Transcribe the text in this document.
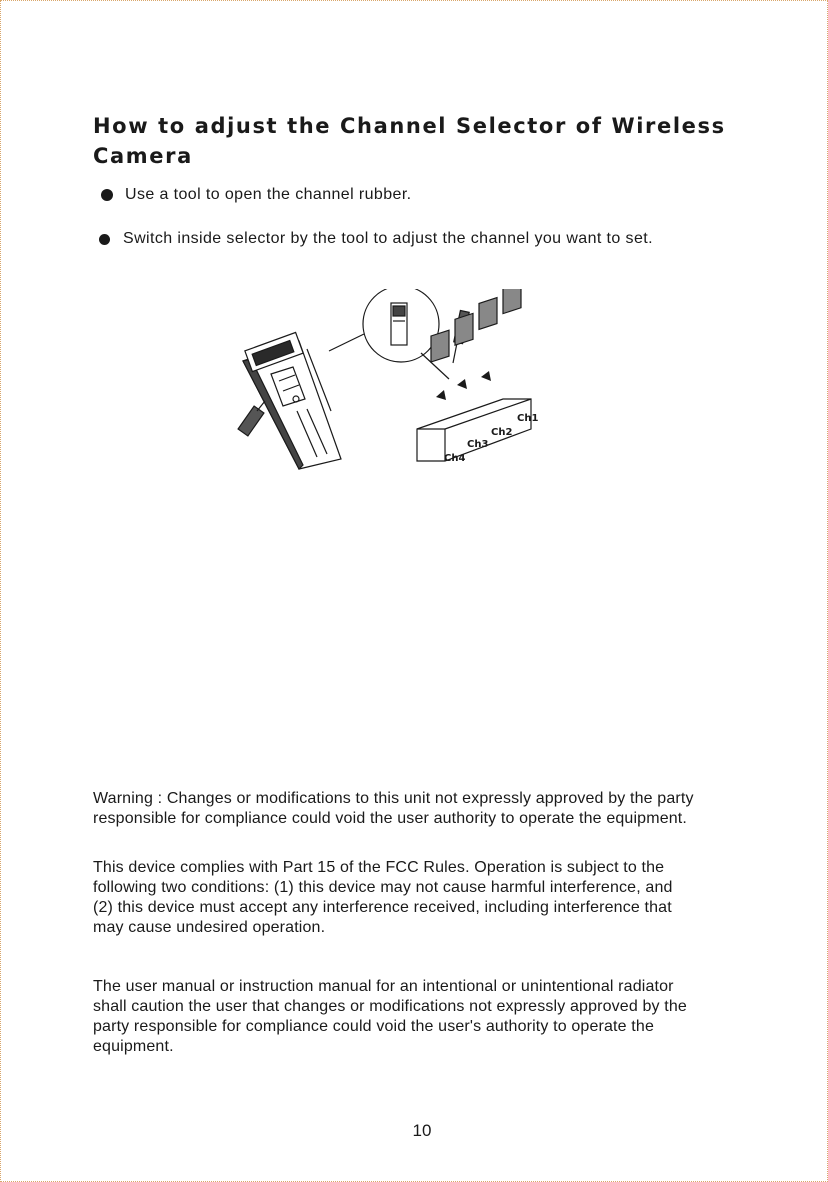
How to adjust the Channel Selector of Wireless
Camera
Use a tool to open the channel rubber.
Switch inside selector by the tool to adjust the channel you want to set.
Ch1
Ch2
Ch3
Ch4

Warning : Changes or modifications to this unit not expressly approved by the party

responsible for compliance could void the user authority to operate the equipment.

This device complies with Part 15 of the FCC Rules. Operation is subject to the

following two conditions: (1) this device may not cause harmful interference, and

(2) this device must accept any interference received, including interference that

may cause undesired operation.

The user manual or instruction manual for an intentional or unintentional radiator

shall caution the user that changes or modifications not expressly approved by the

party responsible for compliance could void the user's authority to operate the

equipment.

10
